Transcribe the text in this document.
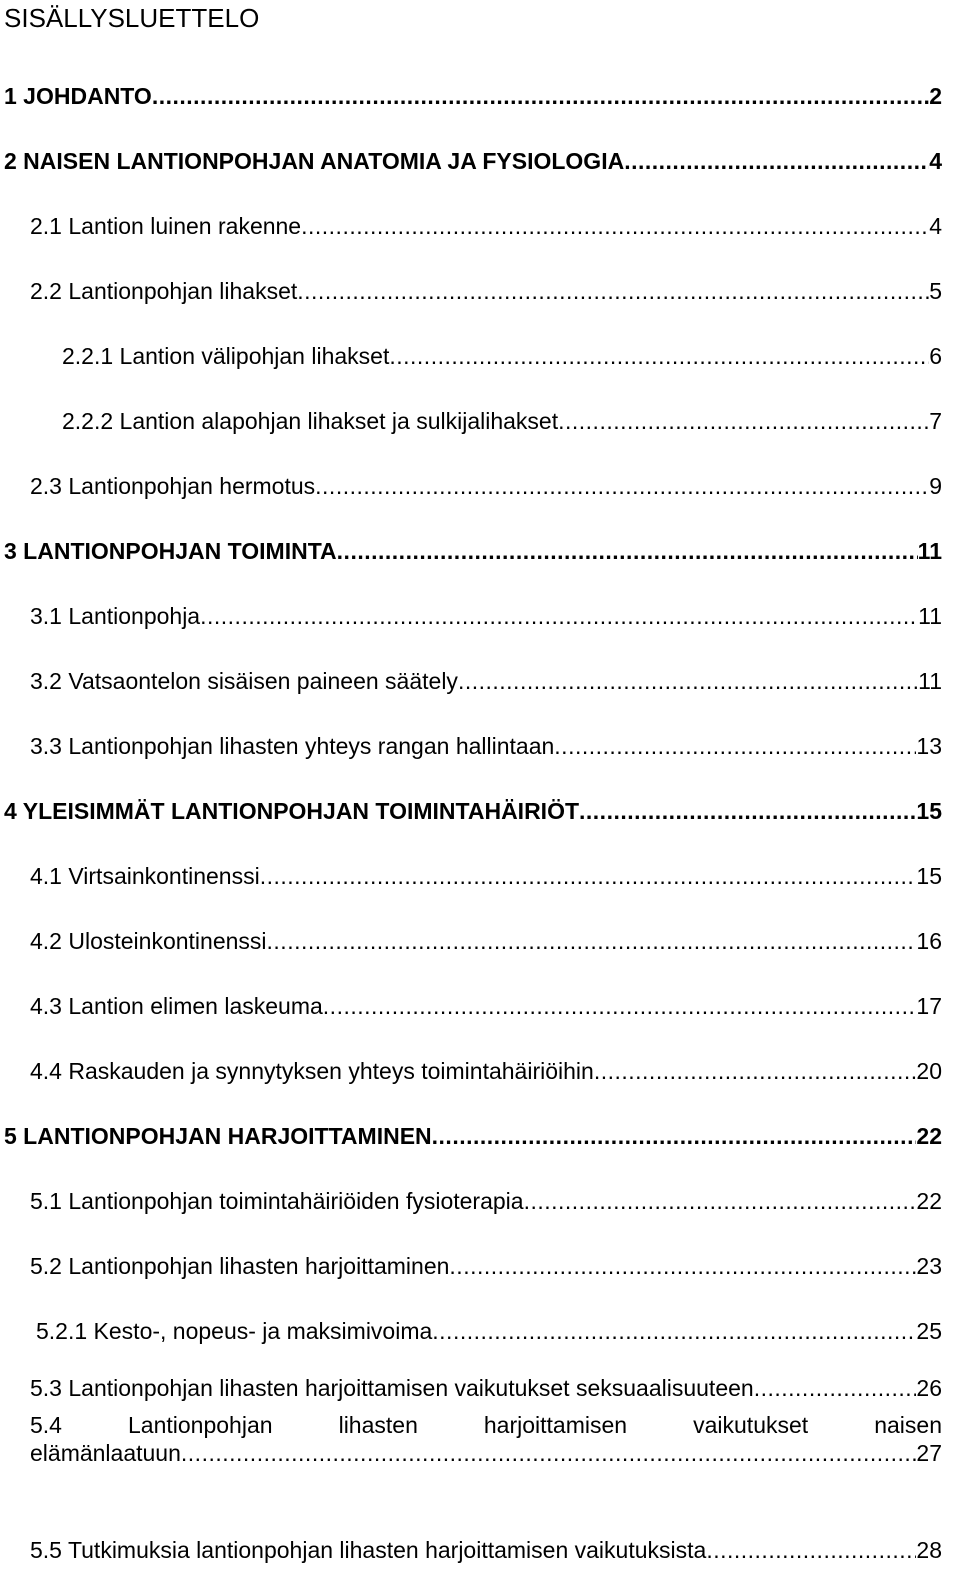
SISÄLLYSLUETTELO
1 JOHDANTO .....	2
2 NAISEN LANTIONPOHJAN ANATOMIA JA FYSIOLOGIA .....	4
2.1 Lantion luinen rakenne .....	4
2.2 Lantionpohjan lihakset .....	5
2.2.1 Lantion välipohjan lihakset .....	6
2.2.2 Lantion alapohjan lihakset ja sulkijalihakset .....	7
2.3 Lantionpohjan hermotus .....	9
3 LANTIONPOHJAN TOIMINTA .....	11
3.1 Lantionpohja .....	11
3.2 Vatsaontelon sisäisen paineen säätely .....	11
3.3 Lantionpohjan lihasten yhteys rangan hallintaan .....	13
4 YLEISIMMÄT LANTIONPOHJAN TOIMINTAHÄIRIÖT .....	15
4.1 Virtsainkontinenssi .....	15
4.2 Ulosteinkontinenssi .....	16
4.3 Lantion elimen laskeuma .....	17
4.4 Raskauden ja synnytyksen yhteys toimintahäiriöihin .....	20
5 LANTIONPOHJAN HARJOITTAMINEN .....	22
5.1 Lantionpohjan toimintahäiriöiden fysioterapia .....	22
5.2 Lantionpohjan lihasten harjoittaminen .....	23
5.2.1 Kesto-, nopeus- ja maksimivoima .....	25
5.3 Lantionpohjan lihasten harjoittamisen vaikutukset seksuaalisuuteen .....	26
5.4	Lantionpohjan	lihasten	harjoittamisen	vaikutukset	naisen
elämänlaatuun .....	27
5.5 Tutkimuksia lantionpohjan lihasten harjoittamisen vaikutuksista .....	28
